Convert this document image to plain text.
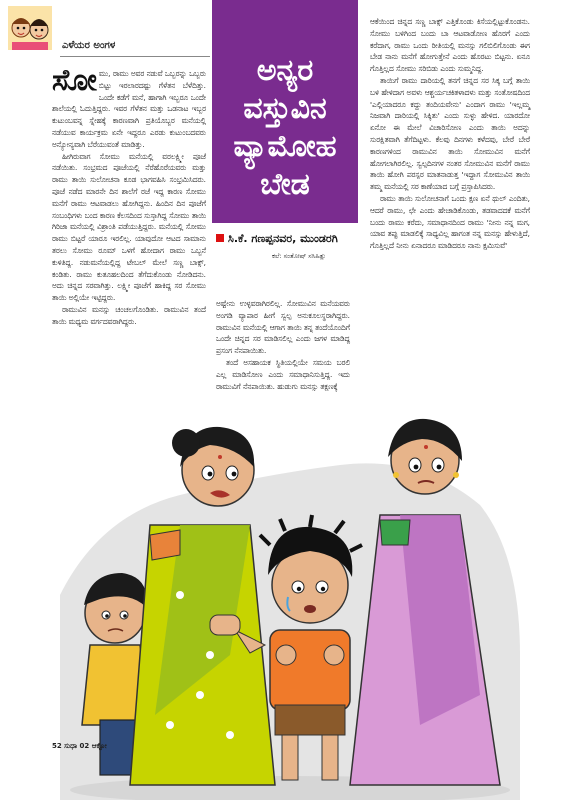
ಎಳೆಯರ ಅಂಗಳ
ಅನ್ಯರ
ವಸ್ತುವಿನ
ವ್ಯಾಮೋಹ
ಬೇಡ
ಸಿ.ಕೆ. ಗಣಪ್ಪನವರ, ಮುಂಡರಗಿ
ಕಲೆ: ಸಂತೋಷ್ ಸಸಿಹಿತ್ಲು
ಸೋ ಮು, ರಾಮು ಅವರ ನಡುವೆ ಒಬ್ಬರನ್ನು ಒಬ್ಬರು ಬಿಟ್ಟು ಇರಲಾರದಷ್ಟು ಗೆಳೆತನ ಬೆಳೆದಿತ್ತು. ಒಂದೇ ಕಡೆಗೆ ಮನೆ, ಹಾಗಾಗಿ ಇಬ್ಬರೂ ಒಂದೇ ಶಾಲೆಯಲ್ಲಿ ಓದುತ್ತಿದ್ದರು. ಇವರ ಗೆಳೆತನ ಮತ್ತು ಒಡನಾಟ ಇಬ್ಬರ ಕುಟುಂಬವನ್ನ ಸ್ನೇಹಕ್ಕೆ ಕಾರಣವಾಗಿ ಪ್ರತಿಯೊಬ್ಬರ ಮನೆಯಲ್ಲಿ ನಡೆಯುವ ಕಾರ್ಯಕ್ರಮ ಏನೇ ಇದ್ದರೂ ಎರಡು ಕುಟುಂಬದವರು ಅನ್ಯೋನ್ಯವಾಗಿ ಬೆರೆಯುವಂತೆ ಮಾಡಿತ್ತು.

ಹೀಗಿರುವಾಗ ಸೋಮು ಮನೆಯಲ್ಲಿ ವರಲಕ್ಷ್ಮೀ ಪೂಜೆ ನಡೆಯಿತು. ಸಂಭ್ರಮದ ಪೂಜೆಯಲ್ಲಿ ನೆರೆಹೊರೆಯವರು ಮತ್ತು ರಾಮು ತಾಯಿ ಸುಲೋಚನಾ ಕೂಡ ಭಾಗವಹಿಸಿ ಸಂಭ್ರಮಿಸಿದರು. ಪೂಜೆ ನಡೆದ ಮಾರನೇ ದಿನ ಶಾಲೆಗೆ ರಜೆ ಇದ್ದ ಕಾರಣ ಸೋಮು ಮನೆಗೆ ರಾಮು ಆಟವಾಡಲು ಹೋಗಿದ್ದನು. ಹಿಂದಿನ ದಿನ ಪೂಜೆಗೆ ಸಂಬಂಧಿಗಳು ಬಂದ ಕಾರಣ ಕೆಲಸದಿಂದ ಸುಸ್ತಾಗಿದ್ದ ಸೋಮು ತಾಯಿ ಗಿರಿಜಾ ಮನೆಯಲ್ಲಿ ವಿಶ್ರಾಂತಿ ಪಡೆಯುತ್ತಿದ್ದರು. ಮನೆಯಲ್ಲಿ ಸೋಮು ರಾಮು ಬಿಟ್ಟರೆ ಯಾರೂ ಇರಲಿಲ್ಲ. ಯಾವುದೋ ಆಟದ ಸಾಮಾನು ತರಲು ಸೋಮು ರೂಮ್ ಒಳಗೆ ಹೋದಾಗ ರಾಮು ಒಬ್ಬನೆ ಕುಳಿತಿದ್ದ. ನಡುಮನೆಯಲ್ಲಿದ್ದ ಟೇಬಲ್ ಮೇಲೆ ಸಣ್ಣ ಬಾಕ್ಸ್, ಕಂಡಿತು. ರಾಮು ಕುತೂಹಲದಿಂದ ತೆಗೆದುಕೊಂಡು ನೋಡಿದನು. ಅದು ಚಿನ್ನದ ಸರವಾಗಿತ್ತು. ಲಕ್ಷ್ಮೀ ಪೂಜೆಗೆ ಹಾಕಿದ್ದ ಸರ ಸೋಮು ತಾಯಿ ಅಲ್ಲಿಯೇ ಇಟ್ಟಿದ್ದರು.

ರಾಮುವಿನ ಮನಸ್ಸು ಚಂಚಲಗೊಂಡಿತು. ರಾಮುವಿನ ತಂದೆ ತಾಯಿ ಮಧ್ಯಮ ವರ್ಗದವರಾಗಿದ್ದರು.

ಅಷ್ಟೇನು ಉಳ್ಳವರಾಗಿರಲಿಲ್ಲ. ಸೋಮುವಿನ ಮನೆಯವರು ಅಂಗಡಿ ವ್ಯಾಪಾರ ಹೀಗೆ ಸ್ವಲ್ಪ ಅನುಕೂಲಸ್ಥರಾಗಿದ್ದರು. ರಾಮುವಿನ ಮನೆಯಲ್ಲಿ ಆಗಾಗ ತಾಯಿ ತನ್ನ ತಂದೆಯೊಂದಿಗೆ ಒಂದೇ ಚಿನ್ನದ ಸರ ಮಾಡಿಸಲಿಲ್ಲ ಎಂದು ಜಗಳ ಮಾಡಿದ್ದ ಪ್ರಸಂಗ ನೆನಪಾಯಿತು.

ತಂದೆ ಅಸಹಾಯಕ ಸ್ಥಿತಿಯಲ್ಲಿಯೇ ಸಮಯ ಬರಲಿ ಎಲ್ಲ ಮಾಡಿಸೋಣ ಎಂದು ಸಮಾಧಾನಿಸುತ್ತಿದ್ದ. ಇದು ರಾಮುವಿಗೆ ನೆನಪಾಯಿತು. ಹುಡುಗು ಮನಸ್ಸು ತಕ್ಷಣಕ್ಕೆ

ಆಕೆಯಿಂದ ಚಿನ್ನದ ಸಣ್ಣ ಬಾಕ್ಸ್ ಎತ್ತಿಕೊಂಡು ಕಿಸೆಯಲ್ಲಿಟ್ಟುಕೊಂಡನು. ಸೋಮು ಬಳಿಗಿಂದ ಬಂದು ಬಾ ಆಟವಾಡೋಣ ಹೊರಗೆ ಎಂದು ಕರೆದಾಗ, ರಾಮು ಒಂದು ರೀತಿಯಲ್ಲಿ ಮನಸ್ಸು ಗಲಿಬಿಲಿಗೊಂಡು ಈಗ ಬೇಡ ನಾನು ಮನೆಗೆ ಹೋಗುತ್ತೇನೆ ಎಂದು ಹೊರಟು ಬಿಟ್ಟನು. ಏನೂ ಗೊತ್ತಿಲ್ಲದ ಸೋಮು ಸರಿಬಿಡು ಎಂದು ಸುಮ್ಮನಿದ್ದ.

ತಾಯಿಗೆ ರಾಮು ದಾರಿಯಲ್ಲಿ ತನಗೆ ಚಿನ್ನದ ಸರ ಸಿಕ್ಕ ಬಗ್ಗೆ ತಾಯಿ ಬಳಿ ಹೇಳಿದಾಗ ಅವಳು ಆಶ್ಚರ್ಯಚಕಿತಳಾದಳು ಮತ್ತು ಸಂತೋಷದಿಂದ 'ಎಲ್ಲಿಯಾದರೂ ಕದ್ದು ತಂದಿಯವೇನು' ಎಂದಾಗ ರಾಮು 'ಇಲ್ಲಮ್ಮ ನಿಜವಾಗಿ ದಾರಿಯಲ್ಲಿ ಸಿಕ್ಕಿತು' ಎಂದು ಸುಳ್ಳು ಹೇಳಿದ. ಯಾರದೋ ಏನೋ ಈ ಮೇಲೆ ವಿಚಾರಿಸೋಣ ಎಂದು ತಾಯಿ ಅದನ್ನು ಸುರಕ್ಷಿತವಾಗಿ ತೆಗೆದಿಟ್ಟಳು. ಕೆಲವು ದಿನಗಳು ಕಳೆದವು, ಬೇರೆ ಬೇರೆ ಕಾರಣಗಳಿಂದ ರಾಮುವಿನ ತಾಯಿ ಸೋಮುವಿನ ಮನೆಗೆ ಹೋಗಲಾಗಿರಲಿಲ್ಲ. ಸ್ವಲ್ಪದಿನಗಳ ನಂತರ ಸೋಮುವಿನ ಮನೆಗೆ ರಾಮು ತಾಯಿ ಹೋಗಿ ಪರಸ್ಪರ ಮಾತನಾಡುತ್ತ 'ಇದ್ದಾಗ ಸೋಮುವಿನ ತಾಯಿ ತಮ್ಮ ಮನೆಯಲ್ಲಿ ಸರ ಕಾಣೆಯಾದ ಬಗ್ಗೆ ಪ್ರಸ್ತಾಪಿಸಿದರು.

ರಾಮು ತಾಯಿ ಸುಲೋಚನಾಗೆ ಒಂದು ಕ್ಷಣ ಏನೆ ಥುಲ್ ಎಂದಿತು, ಆದರೆ ರಾಮು, ಛೇ ಎಂದು ಹೇಚಾಡಿಕೊಂಡು, ತಡವಾದದಕೆ ಮನೆಗೆ ಬಂದು ರಾಮು ಕರೆದು, ಸಮಾಧಾನದಿಂದ ರಾಮು 'ನೀನು ನನ್ನ ಮಗ, ಯಾವ ತಪ್ಪು ಮಾಡಲಿಕ್ಕೆ ಸಾಧ್ಯವಿಲ್ಲ ಹಾಗಂತ ನನ್ನ ಮನಸ್ಸು ಹೇಳುತ್ತಿದೆ, ಗೊತ್ತಿಲ್ಲದೆ ನೀನು ಏನಾದರೂ ಮಾಡಿದರೂ ನಾನು ಕ್ಷಮಿಸುವೆ'

52 ಸುಧಾ 02 ಆಕ್ಟೋ
